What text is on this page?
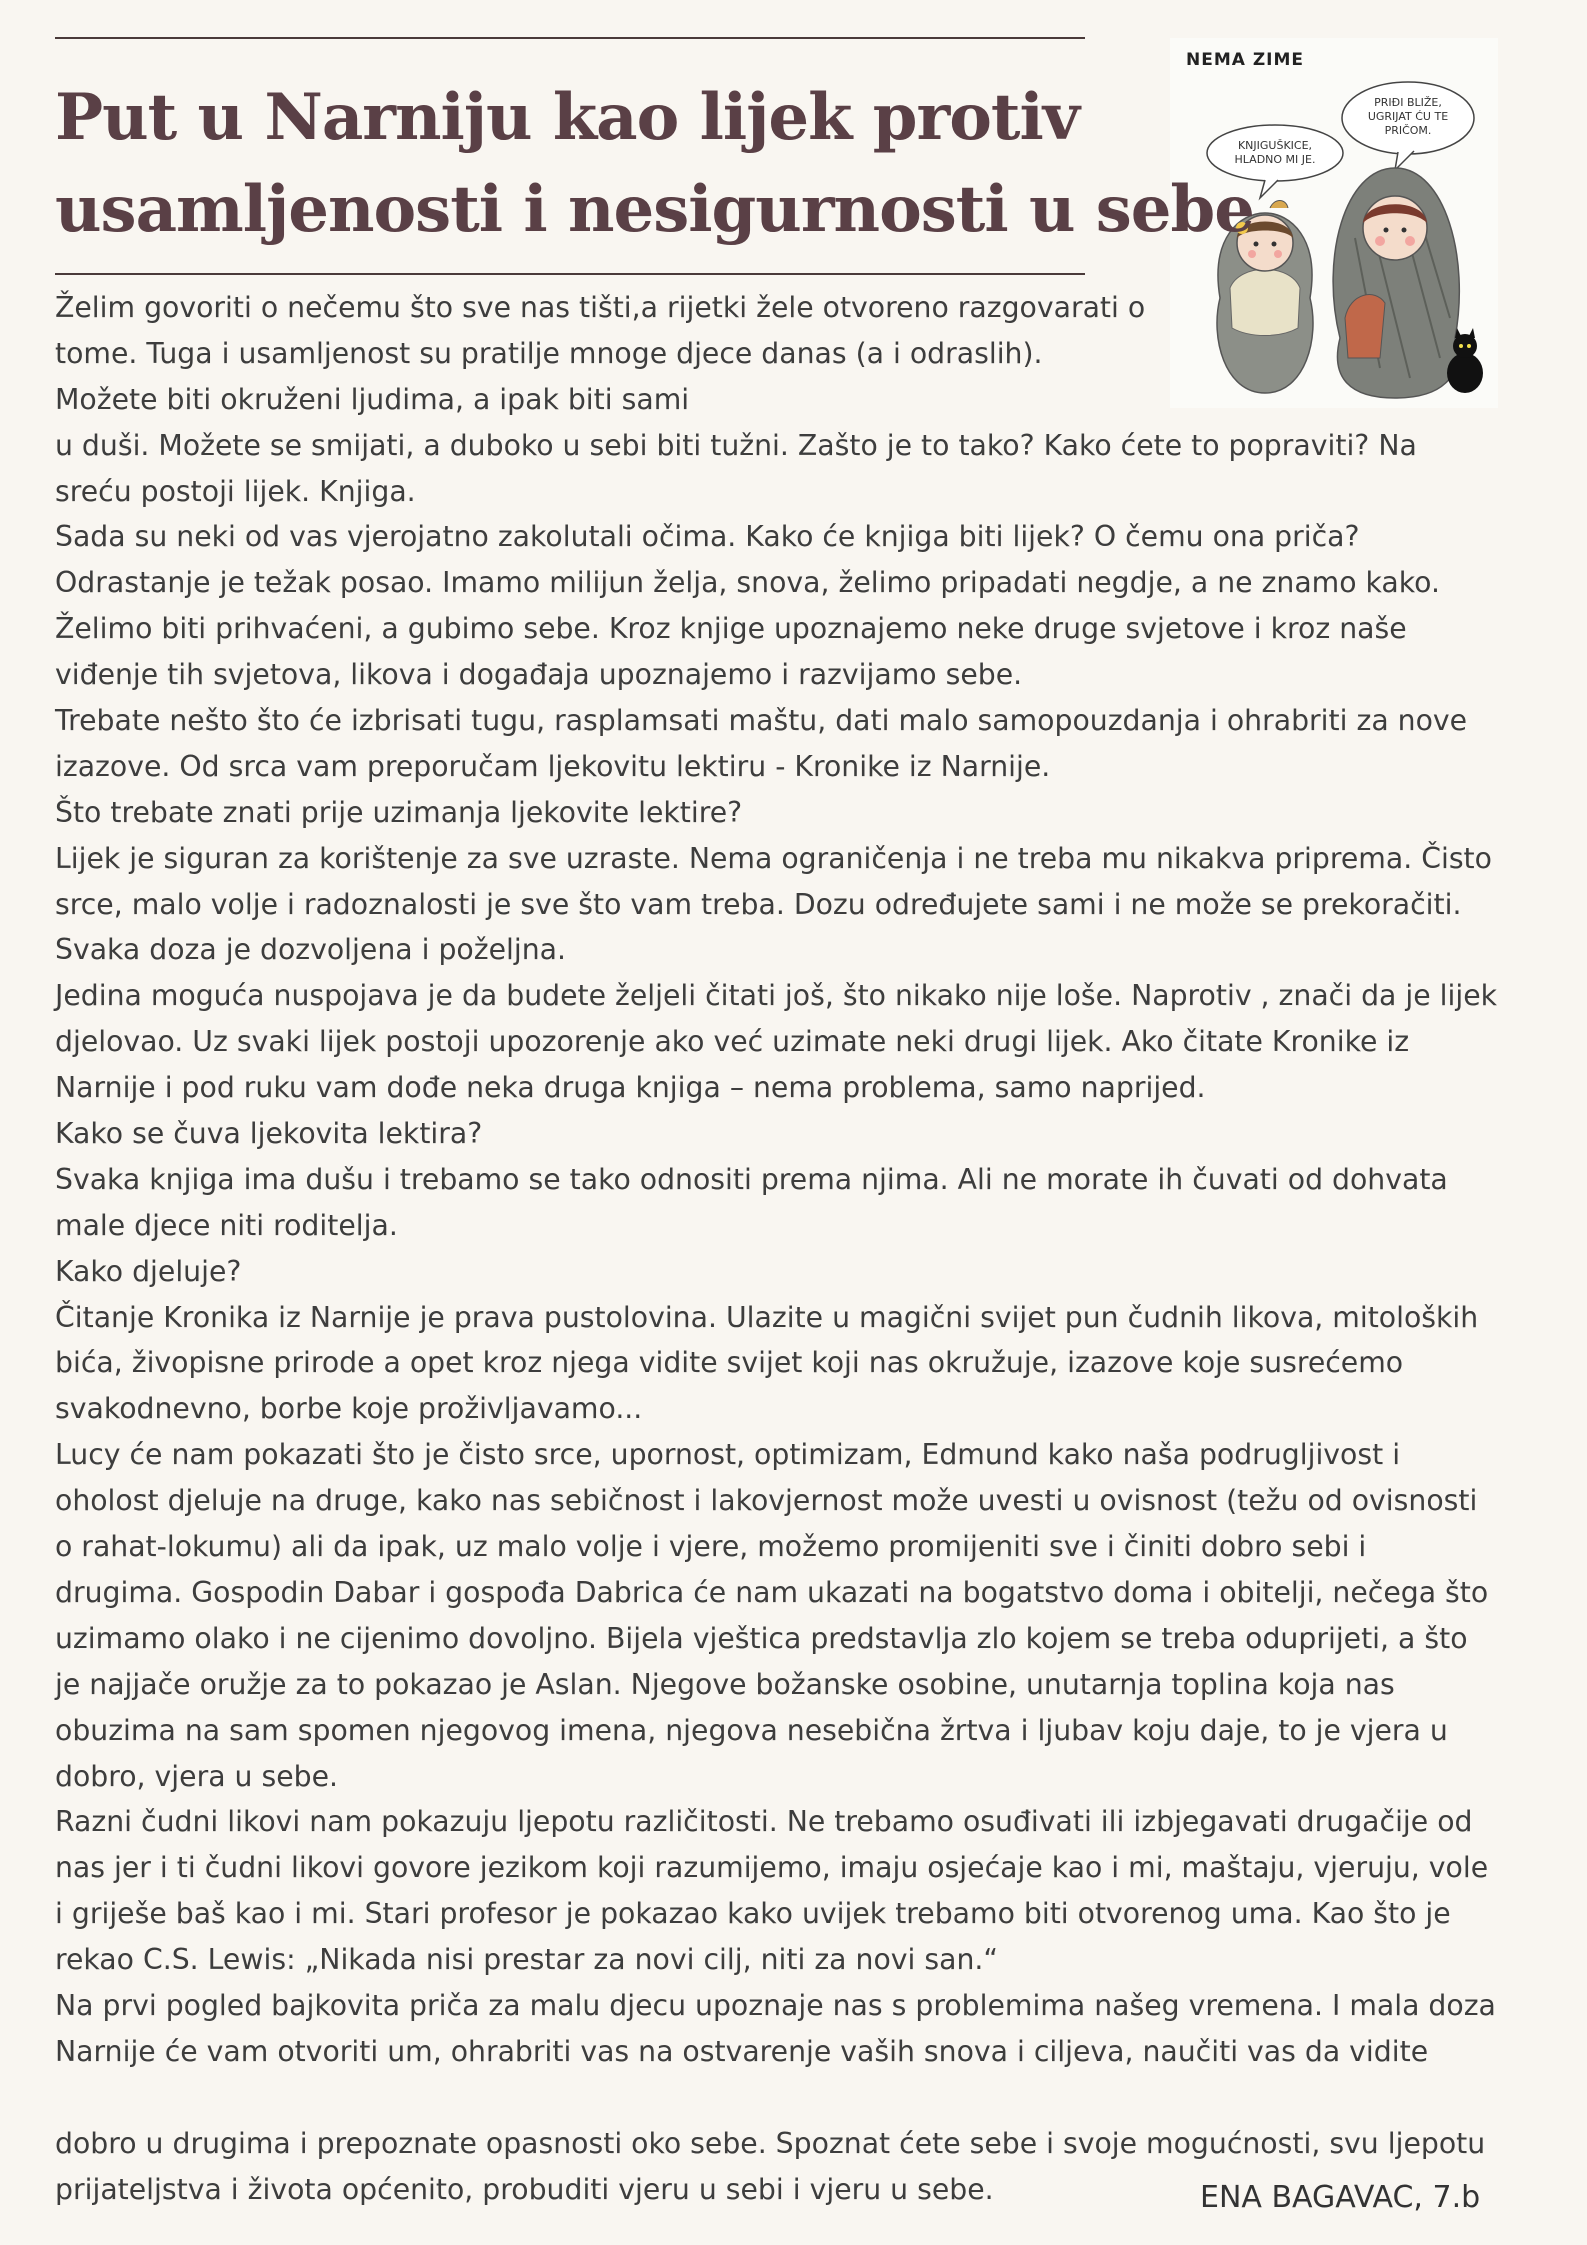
Put u Narniju kao lijek protiv
usamljenosti i nesigurnosti u sebe
NEMA ZIME
KNJIGUŠKICE,
HLADNO MI JE.
PRIĐI BLIŽE,
UGRIJAT ĆU TE
PRIČOM.
Želim govoriti o nečemu što sve nas tišti,a rijetki žele otvoreno razgovarati o
tome. Tuga i usamljenost su pratilje mnoge djece danas (a i odraslih).
Možete biti okruženi ljudima, a ipak biti sami
u duši. Možete se smijati, a duboko u sebi biti tužni. Zašto je to tako? Kako ćete to popraviti? Na
sreću postoji lijek. Knjiga.
Sada su neki od vas vjerojatno zakolutali očima. Kako će knjiga biti lijek? O čemu ona priča?
Odrastanje je težak posao. Imamo milijun želja, snova, želimo pripadati negdje, a ne znamo kako.
Želimo biti prihvaćeni, a gubimo sebe. Kroz knjige upoznajemo neke druge svjetove i kroz naše
viđenje tih svjetova, likova i događaja upoznajemo i razvijamo sebe.
Trebate nešto što će izbrisati tugu, rasplamsati maštu, dati malo samopouzdanja i ohrabriti za nove
izazove. Od srca vam preporučam ljekovitu lektiru - Kronike iz Narnije.
Što trebate znati prije uzimanja ljekovite lektire?
Lijek je siguran za korištenje za sve uzraste. Nema ograničenja i ne treba mu nikakva priprema. Čisto
srce, malo volje i radoznalosti je sve što vam treba. Dozu određujete sami i ne može se prekoračiti.
Svaka doza je dozvoljena i poželjna.
Jedina moguća nuspojava je da budete željeli čitati još, što nikako nije loše. Naprotiv , znači da je lijek
djelovao. Uz svaki lijek postoji upozorenje ako već uzimate neki drugi lijek. Ako čitate Kronike iz
Narnije i pod ruku vam dođe neka druga knjiga – nema problema, samo naprijed.
Kako se čuva ljekovita lektira?
Svaka knjiga ima dušu i trebamo se tako odnositi prema njima. Ali ne morate ih čuvati od dohvata
male djece niti roditelja.
Kako djeluje?
Čitanje Kronika iz Narnije je prava pustolovina. Ulazite u magični svijet pun čudnih likova, mitoloških
bića, živopisne prirode a opet kroz njega vidite svijet koji nas okružuje, izazove koje susrećemo
svakodnevno, borbe koje proživljavamo...
Lucy će nam pokazati što je čisto srce, upornost, optimizam, Edmund kako naša podrugljivost i
oholost djeluje na druge, kako nas sebičnost i lakovjernost može uvesti u ovisnost (težu od ovisnosti
o rahat-lokumu) ali da ipak, uz malo volje i vjere, možemo promijeniti sve i činiti dobro sebi i
drugima. Gospodin Dabar i gospođa Dabrica će nam ukazati na bogatstvo doma i obitelji, nečega što
uzimamo olako i ne cijenimo dovoljno. Bijela vještica predstavlja zlo kojem se treba oduprijeti, a što
je najjače oružje za to pokazao je Aslan. Njegove božanske osobine, unutarnja toplina koja nas
obuzima na sam spomen njegovog imena, njegova nesebična žrtva i ljubav koju daje, to je vjera u
dobro, vjera u sebe.
Razni čudni likovi nam pokazuju ljepotu različitosti. Ne trebamo osuđivati ili izbjegavati drugačije od
nas jer i ti čudni likovi govore jezikom koji razumijemo, imaju osjećaje kao i mi, maštaju, vjeruju, vole
i griješe baš kao i mi. Stari profesor je pokazao kako uvijek trebamo biti otvorenog uma. Kao što je
rekao C.S. Lewis: „Nikada nisi prestar za novi cilj, niti za novi san.“
Na prvi pogled bajkovita priča za malu djecu upoznaje nas s problemima našeg vremena. I mala doza
Narnije će vam otvoriti um, ohrabriti vas na ostvarenje vaših snova i ciljeva, naučiti vas da vidite
dobro u drugima i prepoznate opasnosti oko sebe. Spoznat ćete sebe i svoje mogućnosti, svu ljepotu
prijateljstva i života općenito, probuditi vjeru u sebi i vjeru u sebe.	ENA BAGAVAC, 7.b
